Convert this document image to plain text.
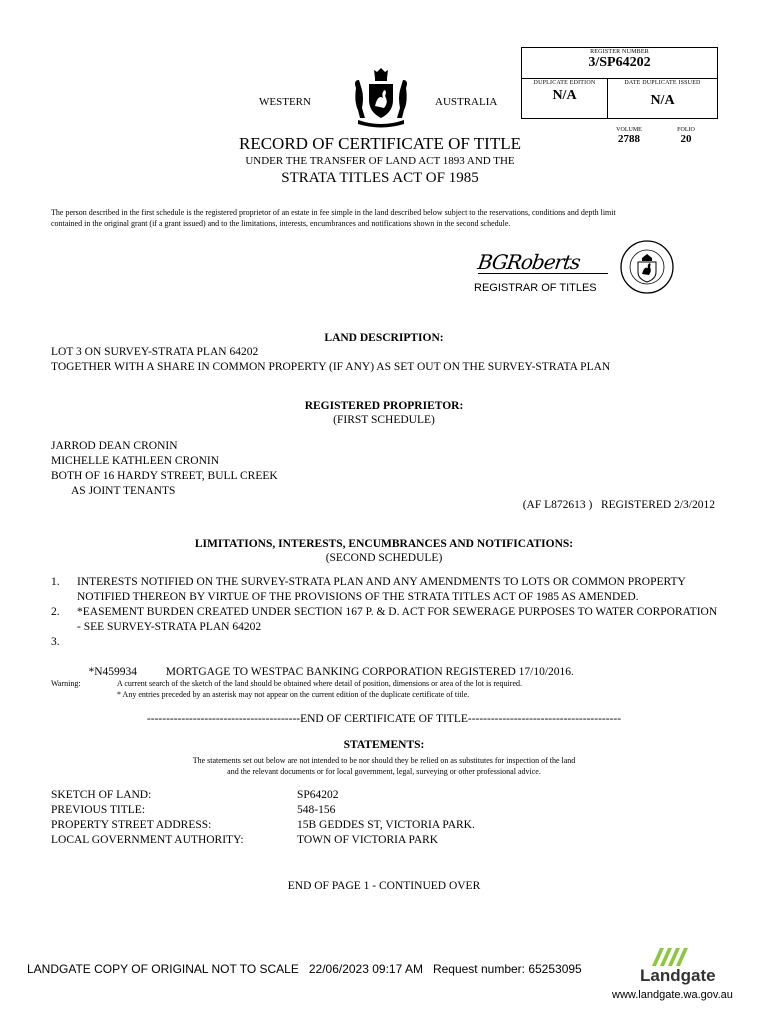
REGISTER NUMBER
3/SP64202
DUPLICATE EDITION
N/A
DATE DUPLICATE ISSUED
N/A
VOLUME
2788
FOLIO
20
WESTERN	AUSTRALIA
RECORD OF CERTIFICATE OF TITLE
UNDER THE TRANSFER OF LAND ACT 1893 AND THE
STRATA TITLES ACT OF 1985
The person described in the first schedule is the registered proprietor of an estate in fee simple in the land described below subject to the reservations, conditions and depth limit contained in the original grant (if a grant issued) and to the limitations, interests, encumbrances and notifications shown in the second schedule.
BGRoberts
REGISTRAR OF TITLES
LAND DESCRIPTION:
LOT 3 ON SURVEY-STRATA PLAN 64202
TOGETHER WITH A SHARE IN COMMON PROPERTY (IF ANY) AS SET OUT ON THE SURVEY-STRATA PLAN
REGISTERED PROPRIETOR:
(FIRST SCHEDULE)
JARROD DEAN CRONIN
MICHELLE KATHLEEN CRONIN
BOTH OF 16 HARDY STREET, BULL CREEK
AS JOINT TENANTS
(AF L872613 )   REGISTERED 2/3/2012
LIMITATIONS, INTERESTS, ENCUMBRANCES AND NOTIFICATIONS:
(SECOND SCHEDULE)
1. INTERESTS NOTIFIED ON THE SURVEY-STRATA PLAN AND ANY AMENDMENTS TO LOTS OR COMMON PROPERTY NOTIFIED THEREON BY VIRTUE OF THE PROVISIONS OF THE STRATA TITLES ACT OF 1985 AS AMENDED.
2. *EASEMENT BURDEN CREATED UNDER SECTION 167 P. & D. ACT FOR SEWERAGE PURPOSES TO WATER CORPORATION - SEE SURVEY-STRATA PLAN 64202

3.

*N459934          MORTGAGE TO WESTPAC BANKING CORPORATION REGISTERED 17/10/2016.

Warning:	A current search of the sketch of the land should be obtained where detail of position, dimensions or area of the lot is required.
* Any entries preceded by an asterisk may not appear on the current edition of the duplicate certificate of title.
----------------------------------------END OF CERTIFICATE OF TITLE----------------------------------------
STATEMENTS:
The statements set out below are not intended to be nor should they be relied on as substitutes for inspection of the land
and the relevant documents or for local government, legal, surveying or other professional advice.
SKETCH OF LAND:	SP64202
PREVIOUS TITLE:	548-156
PROPERTY STREET ADDRESS:	15B GEDDES ST, VICTORIA PARK.
LOCAL GOVERNMENT AUTHORITY:	TOWN OF VICTORIA PARK
END OF PAGE 1 - CONTINUED OVER
LANDGATE COPY OF ORIGINAL NOT TO SCALE   22/06/2023 09:17 AM   Request number: 65253095	Landgate
www.landgate.wa.gov.au
